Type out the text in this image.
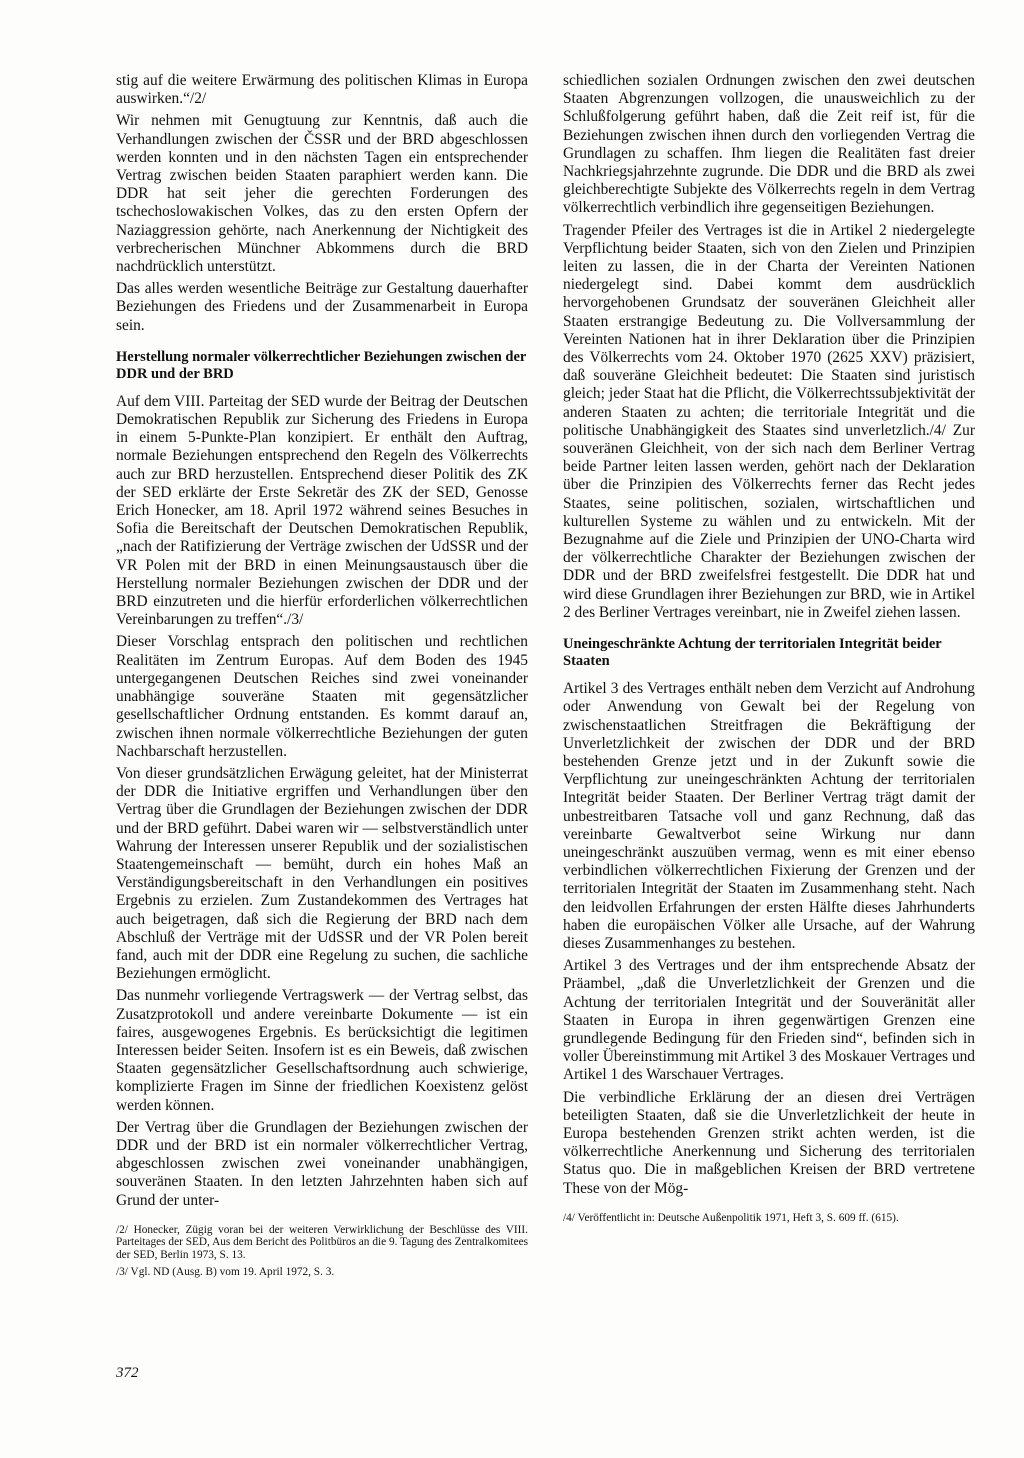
stig auf die weitere Erwärmung des politischen Klimas in Europa auswirken.“/2/

Wir nehmen mit Genugtuung zur Kenntnis, daß auch die Verhandlungen zwischen der ČSSR und der BRD abgeschlossen werden konnten und in den nächsten Tagen ein entsprechender Vertrag zwischen beiden Staaten paraphiert werden kann. Die DDR hat seit jeher die gerechten Forderungen des tschechoslowakischen Volkes, das zu den ersten Opfern der Naziaggression gehörte, nach Anerkennung der Nichtigkeit des verbrecherischen Münchner Abkommens durch die BRD nachdrücklich unterstützt.

Das alles werden wesentliche Beiträge zur Gestaltung dauerhafter Beziehungen des Friedens und der Zusammenarbeit in Europa sein.

Herstellung normaler völkerrechtlicher Beziehungen zwischen der DDR und der BRD

Auf dem VIII. Parteitag der SED wurde der Beitrag der Deutschen Demokratischen Republik zur Sicherung des Friedens in Europa in einem 5-Punkte-Plan konzipiert. Er enthält den Auftrag, normale Beziehungen entsprechend den Regeln des Völkerrechts auch zur BRD herzustellen. Entsprechend dieser Politik des ZK der SED erklärte der Erste Sekretär des ZK der SED, Genosse Erich Honecker, am 18. April 1972 während seines Besuches in Sofia die Bereitschaft der Deutschen Demokratischen Republik, „nach der Ratifizierung der Verträge zwischen der UdSSR und der VR Polen mit der BRD in einen Meinungsaustausch über die Herstellung normaler Beziehungen zwischen der DDR und der BRD einzutreten und die hierfür erforderlichen völkerrechtlichen Vereinbarungen zu treffen“./3/

Dieser Vorschlag entsprach den politischen und rechtlichen Realitäten im Zentrum Europas. Auf dem Boden des 1945 untergegangenen Deutschen Reiches sind zwei voneinander unabhängige souveräne Staaten mit gegensätzlicher gesellschaftlicher Ordnung entstanden. Es kommt darauf an, zwischen ihnen normale völkerrechtliche Beziehungen der guten Nachbarschaft herzustellen.

Von dieser grundsätzlichen Erwägung geleitet, hat der Ministerrat der DDR die Initiative ergriffen und Verhandlungen über den Vertrag über die Grundlagen der Beziehungen zwischen der DDR und der BRD geführt. Dabei waren wir — selbstverständlich unter Wahrung der Interessen unserer Republik und der sozialistischen Staatengemeinschaft — bemüht, durch ein hohes Maß an Verständigungsbereitschaft in den Verhandlungen ein positives Ergebnis zu erzielen. Zum Zustandekommen des Vertrages hat auch beigetragen, daß sich die Regierung der BRD nach dem Abschluß der Verträge mit der UdSSR und der VR Polen bereit fand, auch mit der DDR eine Regelung zu suchen, die sachliche Beziehungen ermöglicht.

Das nunmehr vorliegende Vertragswerk — der Vertrag selbst, das Zusatzprotokoll und andere vereinbarte Dokumente — ist ein faires, ausgewogenes Ergebnis. Es berücksichtigt die legitimen Interessen beider Seiten. Insofern ist es ein Beweis, daß zwischen Staaten gegensätzlicher Gesellschaftsordnung auch schwierige, komplizierte Fragen im Sinne der friedlichen Koexistenz gelöst werden können.

Der Vertrag über die Grundlagen der Beziehungen zwischen der DDR und der BRD ist ein normaler völkerrechtlicher Vertrag, abgeschlossen zwischen zwei voneinander unabhängigen, souveränen Staaten. In den letzten Jahrzehnten haben sich auf Grund der unter-

/2/ Honecker, Zügig voran bei der weiteren Verwirklichung der Beschlüsse des VIII. Parteitages der SED, Aus dem Bericht des Politbüros an die 9. Tagung des Zentralkomitees der SED, Berlin 1973, S. 13.

/3/ Vgl. ND (Ausg. B) vom 19. April 1972, S. 3.

schiedlichen sozialen Ordnungen zwischen den zwei deutschen Staaten Abgrenzungen vollzogen, die unausweichlich zu der Schlußfolgerung geführt haben, daß die Zeit reif ist, für die Beziehungen zwischen ihnen durch den vorliegenden Vertrag die Grundlagen zu schaffen. Ihm liegen die Realitäten fast dreier Nachkriegsjahrzehnte zugrunde. Die DDR und die BRD als zwei gleichberechtigte Subjekte des Völkerrechts regeln in dem Vertrag völkerrechtlich verbindlich ihre gegenseitigen Beziehungen.

Tragender Pfeiler des Vertrages ist die in Artikel 2 niedergelegte Verpflichtung beider Staaten, sich von den Zielen und Prinzipien leiten zu lassen, die in der Charta der Vereinten Nationen niedergelegt sind. Dabei kommt dem ausdrücklich hervorgehobenen Grundsatz der souveränen Gleichheit aller Staaten erstrangige Bedeutung zu. Die Vollversammlung der Vereinten Nationen hat in ihrer Deklaration über die Prinzipien des Völkerrechts vom 24. Oktober 1970 (2625 XXV) präzisiert, daß souveräne Gleichheit bedeutet: Die Staaten sind juristisch gleich; jeder Staat hat die Pflicht, die Völkerrechtssubjektivität der anderen Staaten zu achten; die territoriale Integrität und die politische Unabhängigkeit des Staates sind unverletzlich./4/ Zur souveränen Gleichheit, von der sich nach dem Berliner Vertrag beide Partner leiten lassen werden, gehört nach der Deklaration über die Prinzipien des Völkerrechts ferner das Recht jedes Staates, seine politischen, sozialen, wirtschaftlichen und kulturellen Systeme zu wählen und zu entwickeln. Mit der Bezugnahme auf die Ziele und Prinzipien der UNO-Charta wird der völkerrechtliche Charakter der Beziehungen zwischen der DDR und der BRD zweifelsfrei festgestellt. Die DDR hat und wird diese Grundlagen ihrer Beziehungen zur BRD, wie in Artikel 2 des Berliner Vertrages vereinbart, nie in Zweifel ziehen lassen.

Uneingeschränkte Achtung der territorialen Integrität beider Staaten

Artikel 3 des Vertrages enthält neben dem Verzicht auf Androhung oder Anwendung von Gewalt bei der Regelung von zwischenstaatlichen Streitfragen die Bekräftigung der Unverletzlichkeit der zwischen der DDR und der BRD bestehenden Grenze jetzt und in der Zukunft sowie die Verpflichtung zur uneingeschränkten Achtung der territorialen Integrität beider Staaten. Der Berliner Vertrag trägt damit der unbestreitbaren Tatsache voll und ganz Rechnung, daß das vereinbarte Gewaltverbot seine Wirkung nur dann uneingeschränkt auszuüben vermag, wenn es mit einer ebenso verbindlichen völkerrechtlichen Fixierung der Grenzen und der territorialen Integrität der Staaten im Zusammenhang steht. Nach den leidvollen Erfahrungen der ersten Hälfte dieses Jahrhunderts haben die europäischen Völker alle Ursache, auf der Wahrung dieses Zusammenhanges zu bestehen.

Artikel 3 des Vertrages und der ihm entsprechende Absatz der Präambel, „daß die Unverletzlichkeit der Grenzen und die Achtung der territorialen Integrität und der Souveränität aller Staaten in Europa in ihren gegenwärtigen Grenzen eine grundlegende Bedingung für den Frieden sind“, befinden sich in voller Übereinstimmung mit Artikel 3 des Moskauer Vertrages und Artikel 1 des Warschauer Vertrages.

Die verbindliche Erklärung der an diesen drei Verträgen beteiligten Staaten, daß sie die Unverletzlichkeit der heute in Europa bestehenden Grenzen strikt achten werden, ist die völkerrechtliche Anerkennung und Sicherung des territorialen Status quo. Die in maßgeblichen Kreisen der BRD vertretene These von der Mög-

/4/ Veröffentlicht in: Deutsche Außenpolitik 1971, Heft 3, S. 609 ff. (615).

372
